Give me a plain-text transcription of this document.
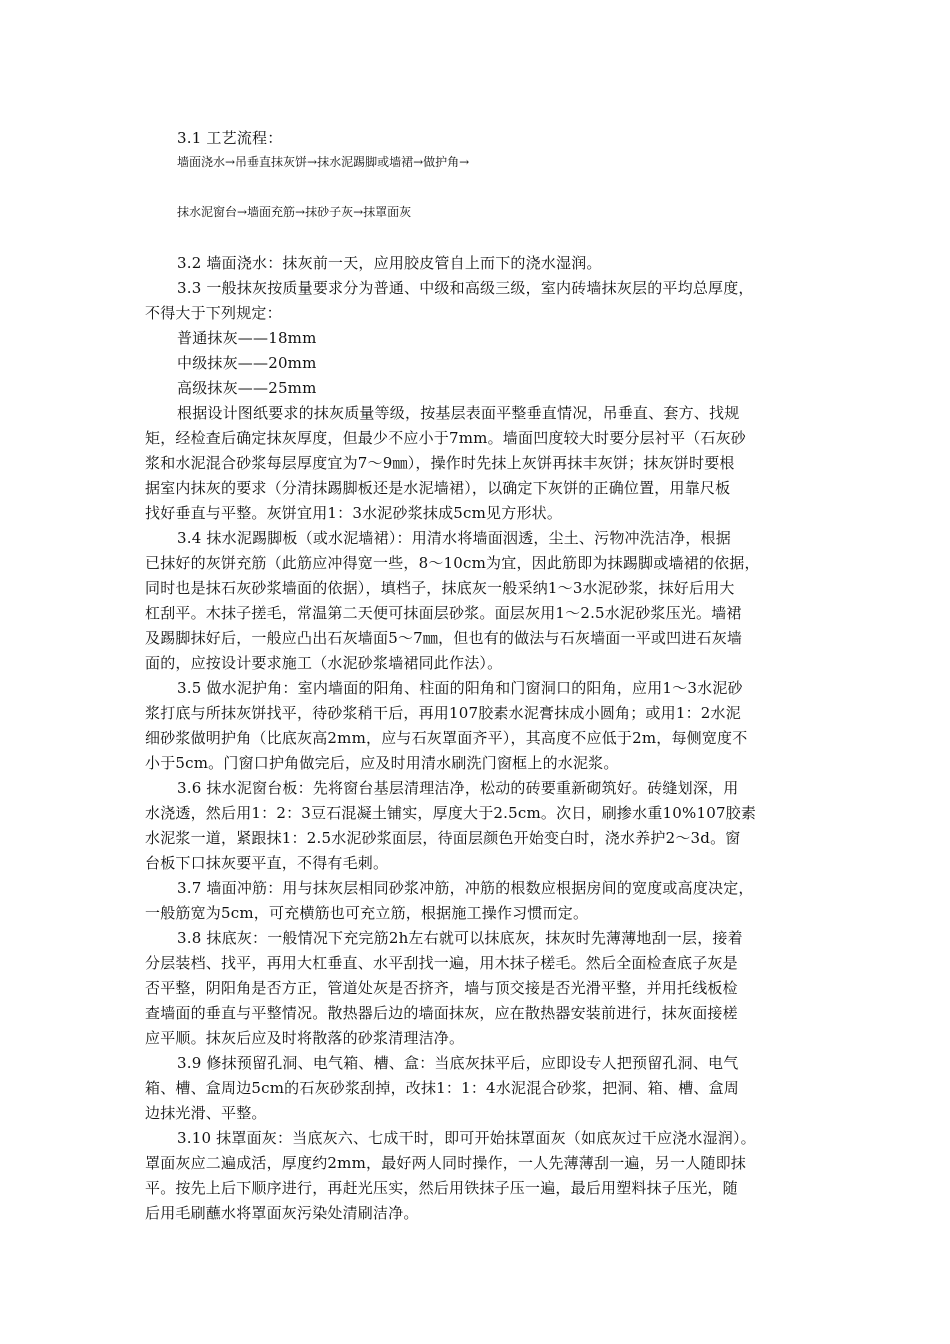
3.1 工艺流程：
墙面浇水→吊垂直抹灰饼→抹水泥踢脚或墙裙→做护角→
抹水泥窗台→墙面充筋→抹砂子灰→抹罩面灰
3.2 墙面浇水：抹灰前一天，应用胶皮管自上而下的浇水湿润。
3.3 一般抹灰按质量要求分为普通、中级和高级三级，室内砖墙抹灰层的平均总厚度，
不得大于下列规定：
普通抹灰——18mm
中级抹灰——20mm
高级抹灰——25mm
根据设计图纸要求的抹灰质量等级，按基层表面平整垂直情况，吊垂直、套方、找规
矩，经检查后确定抹灰厚度，但最少不应小于7mm。墙面凹度较大时要分层衬平（石灰砂
浆和水泥混合砂浆每层厚度宜为7～9㎜），操作时先抹上灰饼再抹丰灰饼；抹灰饼时要根
据室内抹灰的要求（分清抹踢脚板还是水泥墙裙），以确定下灰饼的正确位置，用靠尺板
找好垂直与平整。灰饼宜用1：3水泥砂浆抹成5cm见方形状。
3.4 抹水泥踢脚板（或水泥墙裙）：用清水将墙面洇透，尘土、污物冲洗洁净，根据
已抹好的灰饼充筋（此筋应冲得宽一些，8～10cm为宜，因此筋即为抹踢脚或墙裙的依据，
同时也是抹石灰砂浆墙面的依据），填档子，抹底灰一般采纳1～3水泥砂浆，抹好后用大
杠刮平。木抹子搓毛，常温第二天便可抹面层砂浆。面层灰用1～2.5水泥砂浆压光。墙裙
及踢脚抹好后，一般应凸出石灰墙面5～7㎜，但也有的做法与石灰墙面一平或凹进石灰墙
面的，应按设计要求施工（水泥砂浆墙裙同此作法）。
3.5 做水泥护角：室内墙面的阳角、柱面的阳角和门窗洞口的阳角，应用1～3水泥砂
浆打底与所抹灰饼找平，待砂浆稍干后，再用107胶素水泥膏抹成小圆角；或用1：2水泥
细砂浆做明护角（比底灰高2mm，应与石灰罩面齐平），其高度不应低于2m，每侧宽度不
小于5cm。门窗口护角做完后，应及时用清水刷洗门窗框上的水泥浆。
3.6 抹水泥窗台板：先将窗台基层清理洁净，松动的砖要重新砌筑好。砖缝划深，用
水浇透，然后用1：2：3豆石混凝土铺实，厚度大于2.5cm。次日，刷掺水重10%107胶素
水泥浆一道，紧跟抹1：2.5水泥砂浆面层，待面层颜色开始变白时，浇水养护2～3d。窗
台板下口抹灰要平直，不得有毛刺。
3.7 墙面冲筋：用与抹灰层相同砂浆冲筋，冲筋的根数应根据房间的宽度或高度决定，
一般筋宽为5cm，可充横筋也可充立筋，根据施工操作习惯而定。
3.8 抹底灰：一般情况下充完筋2h左右就可以抹底灰，抹灰时先薄薄地刮一层，接着
分层装档、找平，再用大杠垂直、水平刮找一遍，用木抹子槎毛。然后全面检查底子灰是
否平整，阴阳角是否方正，管道处灰是否挤齐，墙与顶交接是否光滑平整，并用托线板检
查墙面的垂直与平整情况。散热器后边的墙面抹灰，应在散热器安装前进行，抹灰面接槎
应平顺。抹灰后应及时将散落的砂浆清理洁净。
3.9 修抹预留孔洞、电气箱、槽、盒：当底灰抹平后，应即设专人把预留孔洞、电气
箱、槽、盒周边5cm的石灰砂浆刮掉，改抹1：1：4水泥混合砂浆，把洞、箱、槽、盒周
边抹光滑、平整。
3.10 抹罩面灰：当底灰六、七成干时，即可开始抹罩面灰（如底灰过干应浇水湿润）。
罩面灰应二遍成活，厚度约2mm，最好两人同时操作，一人先薄薄刮一遍，另一人随即抹
平。按先上后下顺序进行，再赶光压实，然后用铁抹子压一遍，最后用塑料抹子压光，随
后用毛刷蘸水将罩面灰污染处清刷洁净。
